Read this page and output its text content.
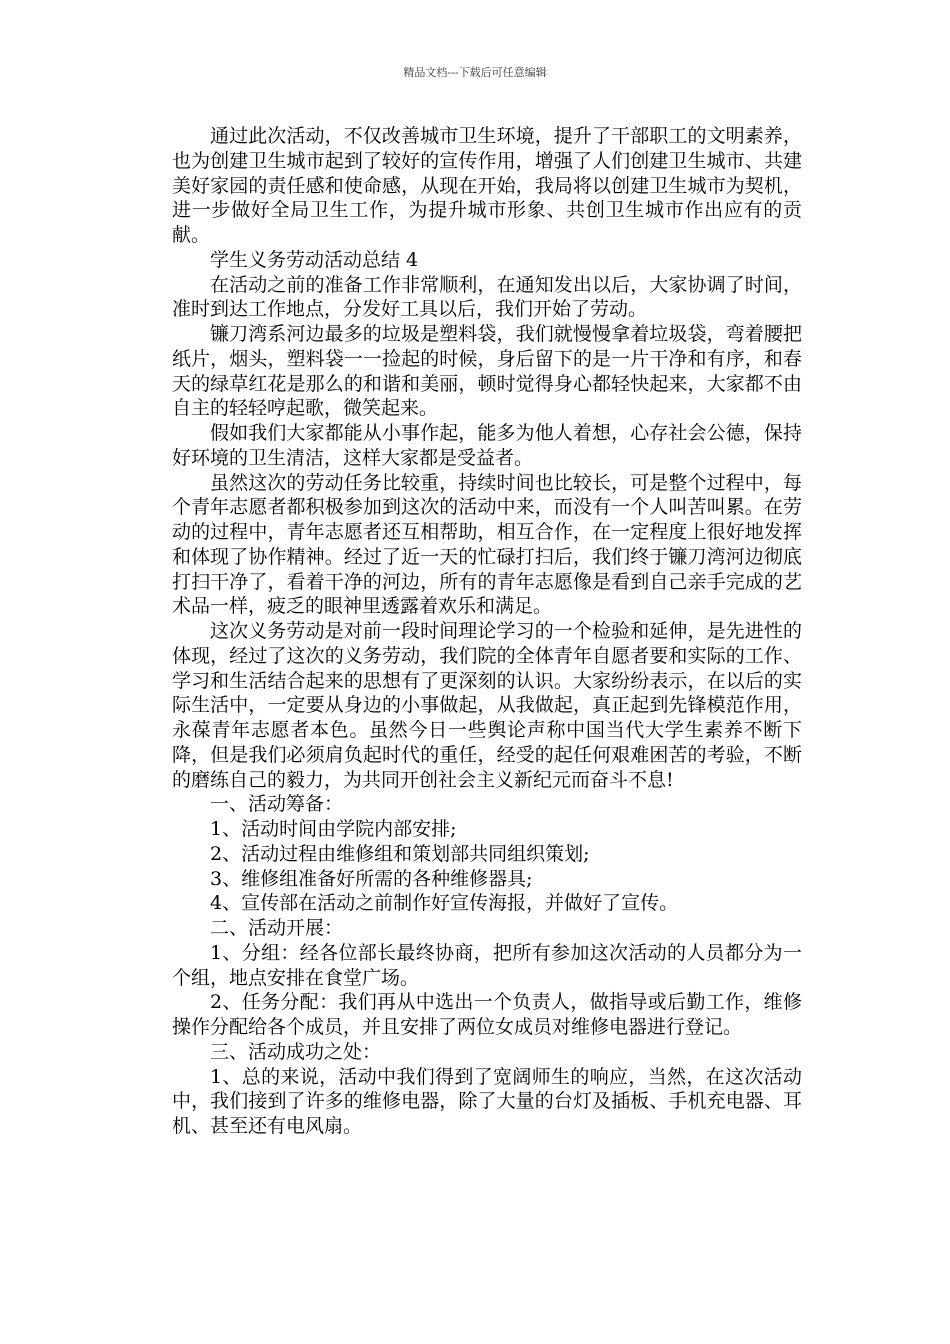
精品文档---下载后可任意编辑

通过此次活动，不仅改善城市卫生环境，提升了干部职工的文明素养，也为创建卫生城市起到了较好的宣传作用，增强了人们创建卫生城市、共建美好家园的责任感和使命感，从现在开始，我局将以创建卫生城市为契机，进一步做好全局卫生工作，为提升城市形象、共创卫生城市作出应有的贡献。

学生义务劳动活动总结 4

在活动之前的准备工作非常顺利，在通知发出以后，大家协调了时间，准时到达工作地点，分发好工具以后，我们开始了劳动。

镰刀湾系河边最多的垃圾是塑料袋，我们就慢慢拿着垃圾袋，弯着腰把纸片，烟头，塑料袋一一捡起的时候，身后留下的是一片干净和有序，和春天的绿草红花是那么的和谐和美丽，顿时觉得身心都轻快起来，大家都不由自主的轻轻哼起歌，微笑起来。

假如我们大家都能从小事作起，能多为他人着想，心存社会公德，保持好环境的卫生清洁，这样大家都是受益者。

虽然这次的劳动任务比较重，持续时间也比较长，可是整个过程中，每个青年志愿者都积极参加到这次的活动中来，而没有一个人叫苦叫累。在劳动的过程中，青年志愿者还互相帮助，相互合作，在一定程度上很好地发挥和体现了协作精神。经过了近一天的忙碌打扫后，我们终于镰刀湾河边彻底打扫干净了，看着干净的河边，所有的青年志愿像是看到自己亲手完成的艺术品一样，疲乏的眼神里透露着欢乐和满足。

这次义务劳动是对前一段时间理论学习的一个检验和延伸，是先进性的体现，经过了这次的义务劳动，我们院的全体青年自愿者要和实际的工作、学习和生活结合起来的思想有了更深刻的认识。大家纷纷表示，在以后的实际生活中，一定要从身边的小事做起，从我做起，真正起到先锋模范作用，永葆青年志愿者本色。虽然今日一些舆论声称中国当代大学生素养不断下降，但是我们必须肩负起时代的重任，经受的起任何艰难困苦的考验，不断的磨练自己的毅力，为共同开创社会主义新纪元而奋斗不息!

一、活动筹备：

1、活动时间由学院内部安排;

2、活动过程由维修组和策划部共同组织策划;

3、维修组准备好所需的各种维修器具;

4、宣传部在活动之前制作好宣传海报，并做好了宣传。

二、活动开展：

1、分组：经各位部长最终协商，把所有参加这次活动的人员都分为一个组，地点安排在食堂广场。

2、任务分配：我们再从中选出一个负责人，做指导或后勤工作，维修操作分配给各个成员，并且安排了两位女成员对维修电器进行登记。

三、活动成功之处：

1、总的来说，活动中我们得到了宽阔师生的响应，当然，在这次活动中，我们接到了许多的维修电器，除了大量的台灯及插板、手机充电器、耳机、甚至还有电风扇。
